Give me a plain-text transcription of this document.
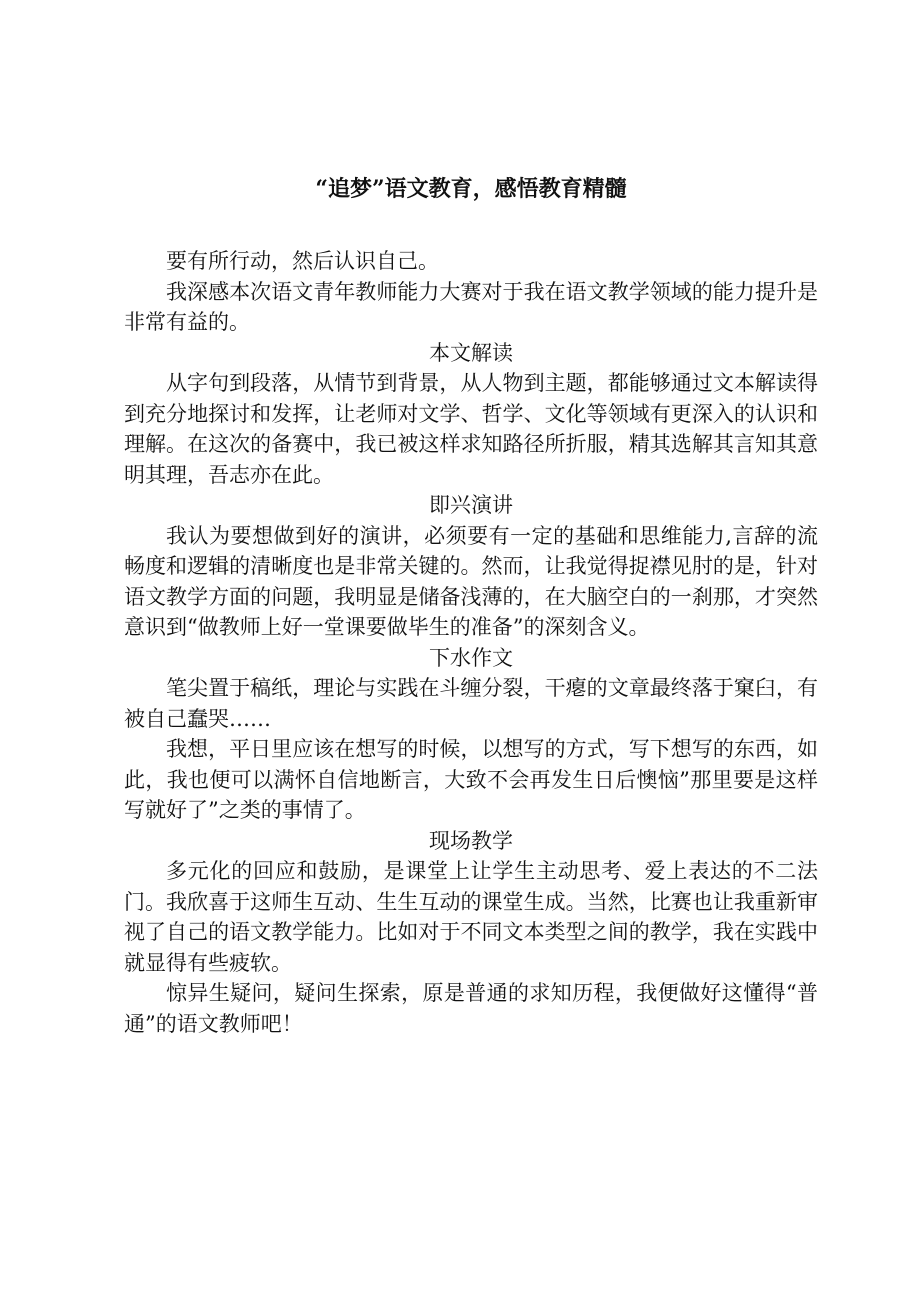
“追梦”语文教育，感悟教育精髓

要有所行动，然后认识自己。

我深感本次语文青年教师能力大赛对于我在语文教学领域的能力提升是非常有益的。

本文解读

从字句到段落，从情节到背景，从人物到主题，都能够通过文本解读得到充分地探讨和发挥，让老师对文学、哲学、文化等领域有更深入的认识和理解。在这次的备赛中，我已被这样求知路径所折服，精其选解其言知其意明其理，吾志亦在此。

即兴演讲

我认为要想做到好的演讲，必须要有一定的基础和思维能力,言辞的流畅度和逻辑的清晰度也是非常关键的。然而，让我觉得捉襟见肘的是，针对语文教学方面的问题，我明显是储备浅薄的，在大脑空白的一刹那，才突然意识到“做教师上好一堂课要做毕生的准备”的深刻含义。

下水作文

笔尖置于稿纸，理论与实践在斗缠分裂，干瘪的文章最终落于窠臼，有被自己蠢哭……

我想，平日里应该在想写的时候，以想写的方式，写下想写的东西，如此，我也便可以满怀自信地断言，大致不会再发生日后懊恼”那里要是这样写就好了”之类的事情了。

现场教学

多元化的回应和鼓励，是课堂上让学生主动思考、爱上表达的不二法门。我欣喜于这师生互动、生生互动的课堂生成。当然，比赛也让我重新审视了自己的语文教学能力。比如对于不同文本类型之间的教学，我在实践中就显得有些疲软。

惊异生疑问，疑问生探索，原是普通的求知历程，我便做好这懂得“普通”的语文教师吧！
